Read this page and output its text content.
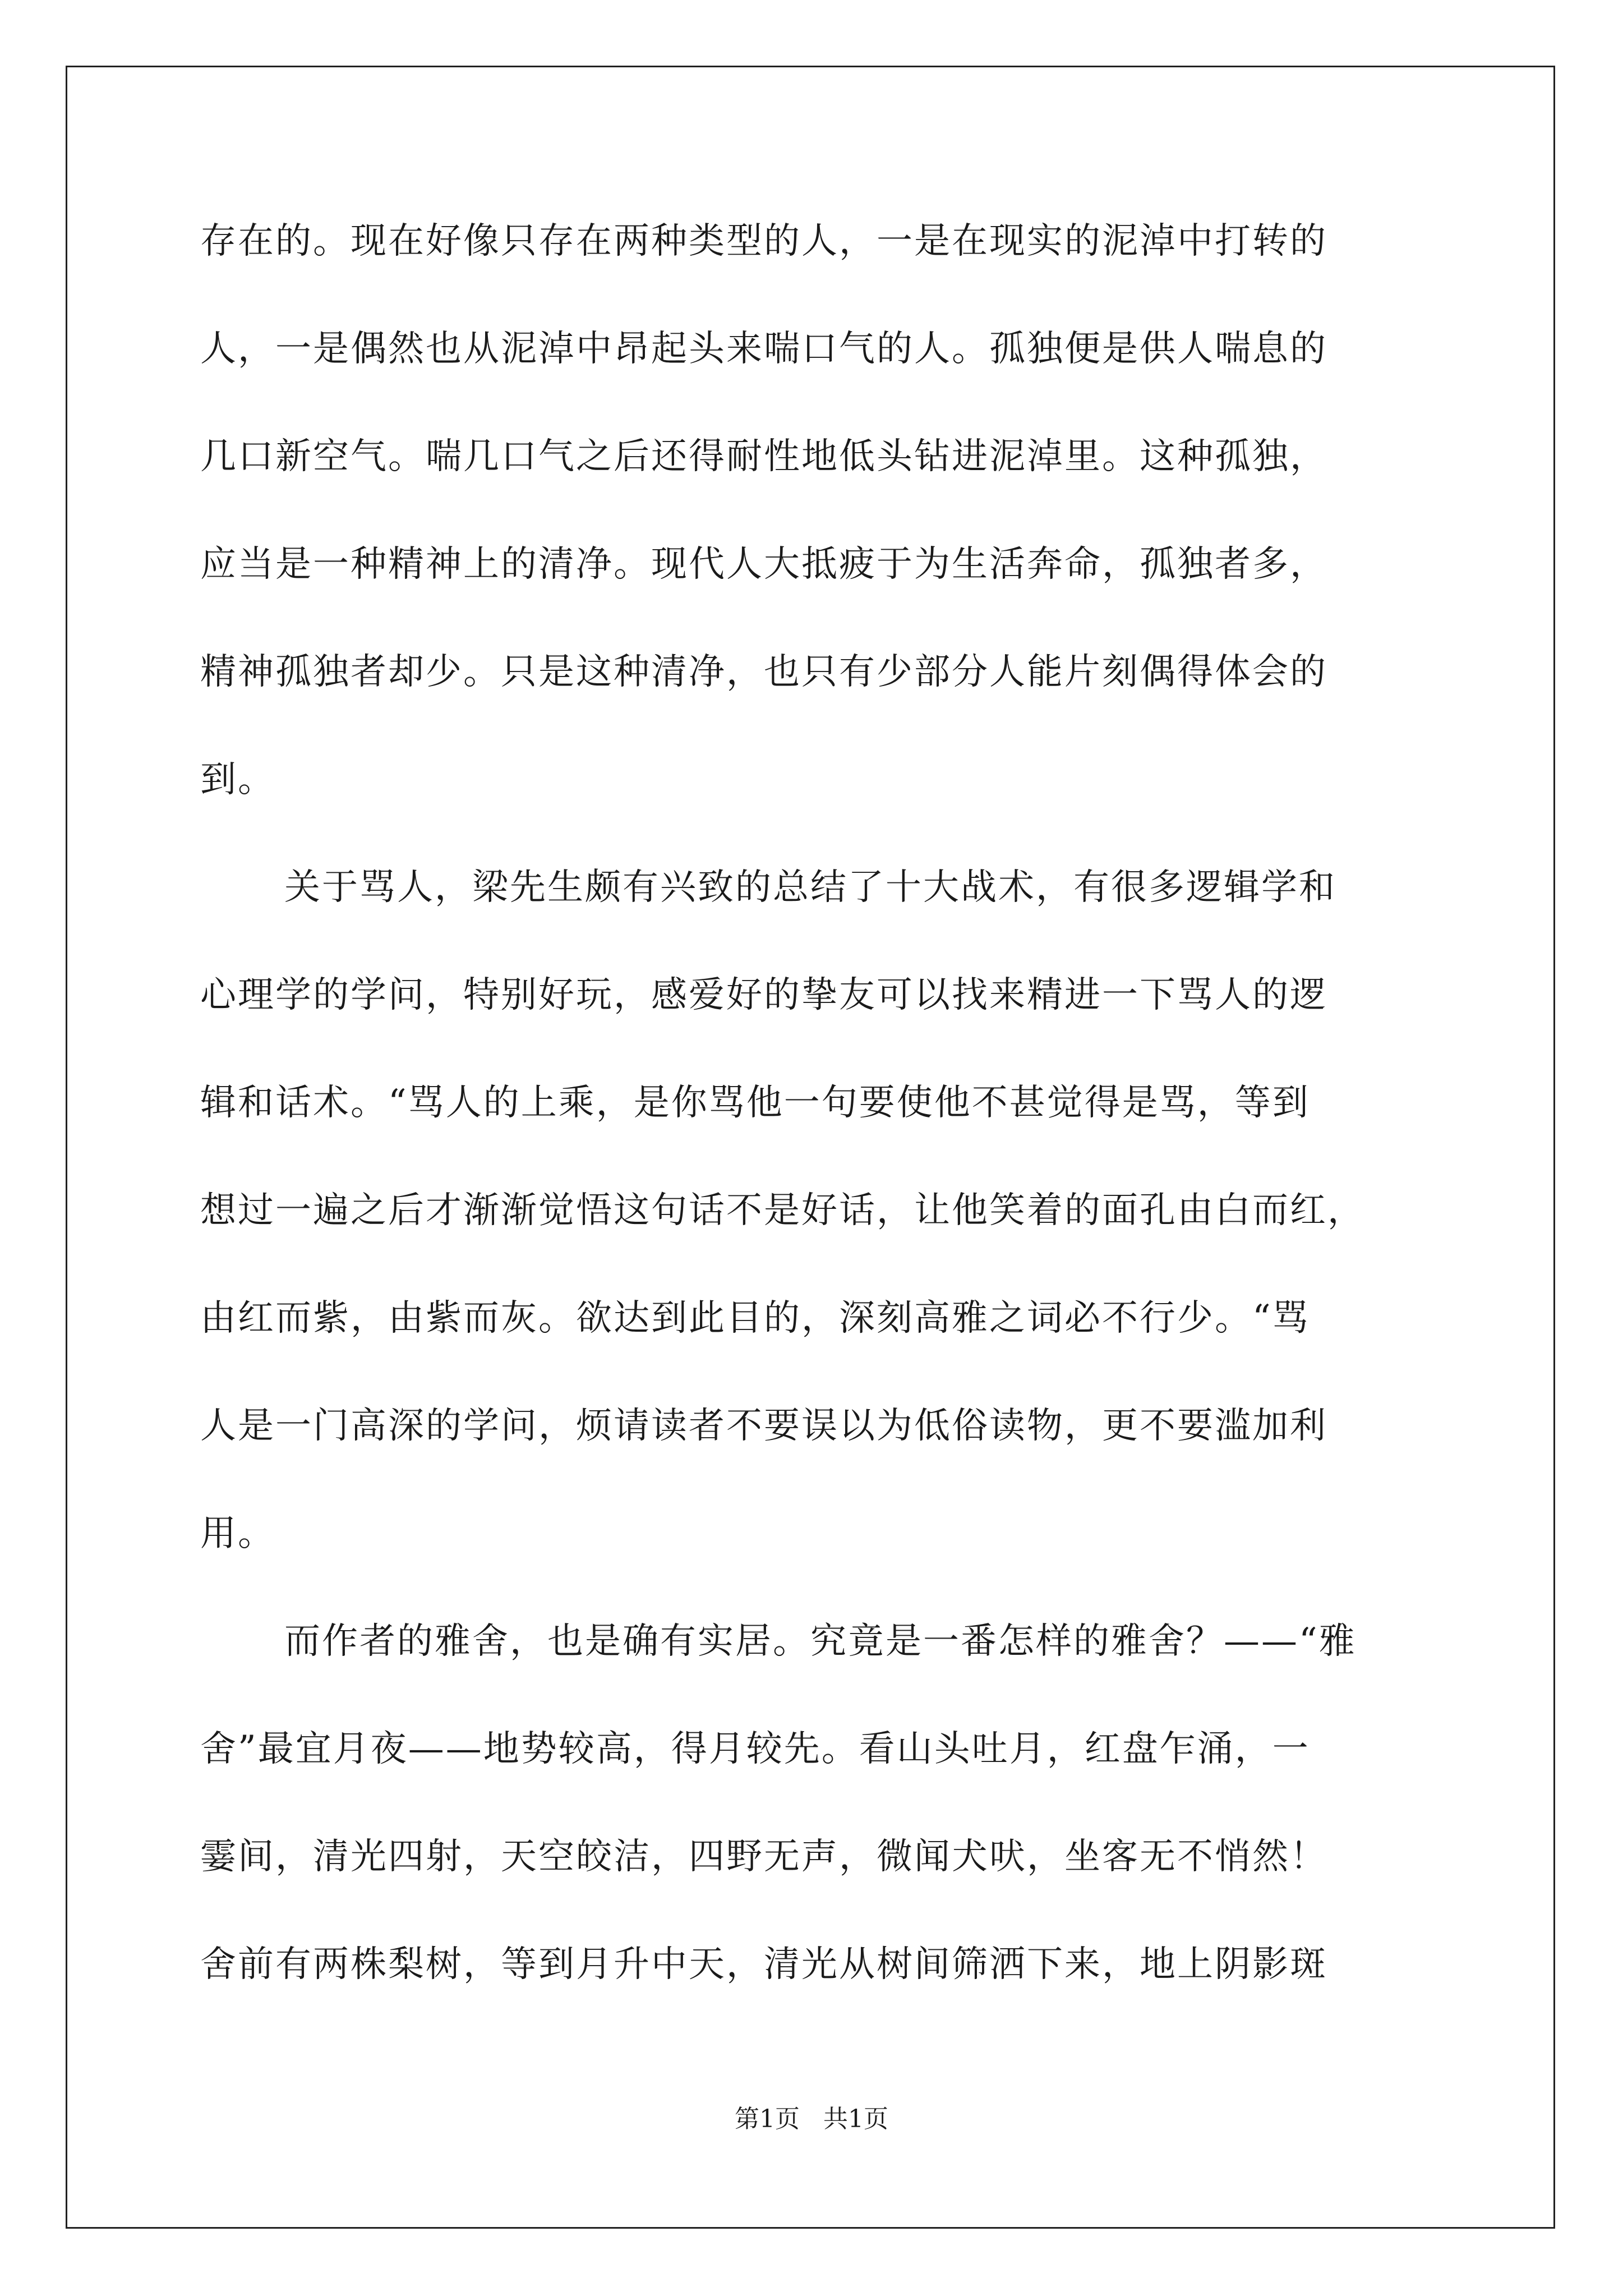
存在的。现在好像只存在两种类型的人，一是在现实的泥淖中打转的
人，一是偶然也从泥淖中昂起头来喘口气的人。孤独便是供人喘息的
几口新空气。喘几口气之后还得耐性地低头钻进泥淖里。这种孤独，
应当是一种精神上的清净。现代人大抵疲于为生活奔命，孤独者多，
精神孤独者却少。只是这种清净，也只有少部分人能片刻偶得体会的
到。
关于骂人，梁先生颇有兴致的总结了十大战术，有很多逻辑学和
心理学的学问，特别好玩，感爱好的挚友可以找来精进一下骂人的逻
辑和话术。“骂人的上乘，是你骂他一句要使他不甚觉得是骂，等到
想过一遍之后才渐渐觉悟这句话不是好话，让他笑着的面孔由白而红，
由红而紫，由紫而灰。欲达到此目的，深刻高雅之词必不行少。“骂
人是一门高深的学问，烦请读者不要误以为低俗读物，更不要滥加利
用。
而作者的雅舍，也是确有实居。究竟是一番怎样的雅舍？——“雅
舍”最宜月夜——地势较高，得月较先。看山头吐月，红盘乍涌，一
霎间，清光四射，天空皎洁，四野无声，微闻犬吠，坐客无不悄然！
舍前有两株梨树，等到月升中天，清光从树间筛洒下来，地上阴影斑
第1页   共1页
